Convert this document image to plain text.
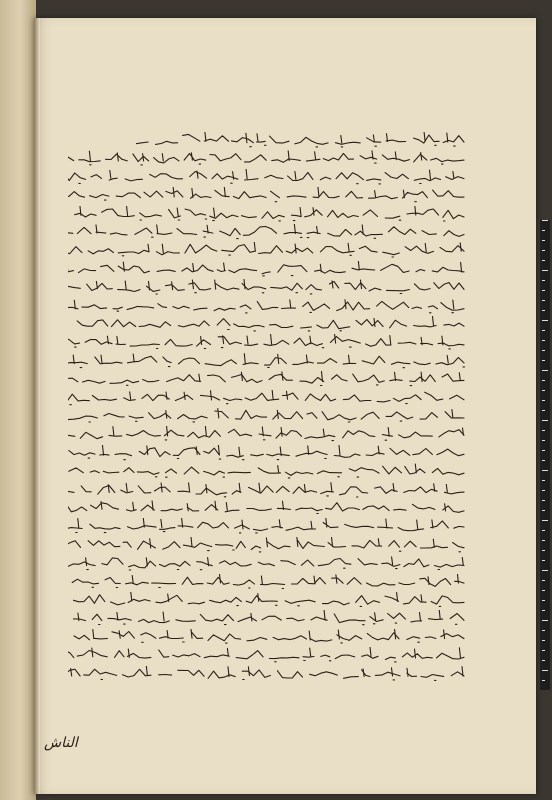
الناش
